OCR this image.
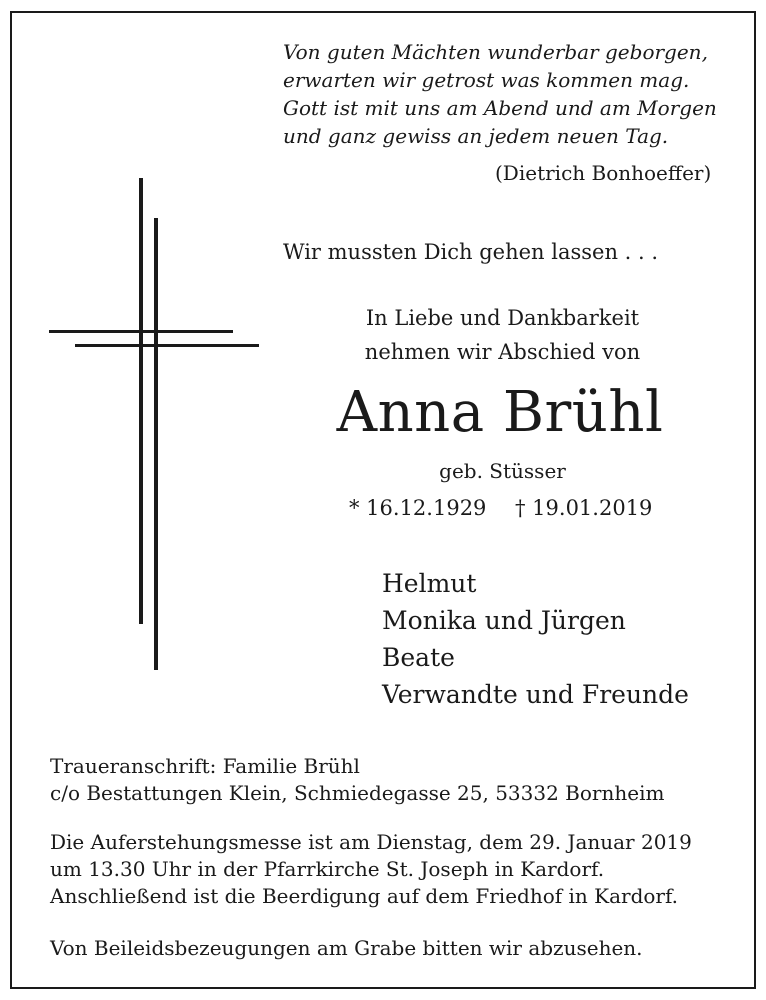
Von guten Mächten wunderbar geborgen,
erwarten wir getrost was kommen mag.
Gott ist mit uns am Abend und am Morgen
und ganz gewiss an jedem neuen Tag.

(Dietrich Bonhoeffer)

Wir mussten Dich gehen lassen . . .

In Liebe und Dankbarkeit

nehmen wir Abschied von

Anna Brühl

geb. Stüsser

* 16.12.1929 † 19.01.2019

Helmut
Monika und Jürgen
Beate
Verwandte und Freunde
Traueranschrift: Familie Brühl
c/o Bestattungen Klein, Schmiedegasse 25, 53332 Bornheim
Die Auferstehungsmesse ist am Dienstag, dem 29. Januar 2019
um 13.30 Uhr in der Pfarrkirche St. Joseph in Kardorf.
Anschließend ist die Beerdigung auf dem Friedhof in Kardorf.

Von Beileidsbezeugungen am Grabe bitten wir abzusehen.
